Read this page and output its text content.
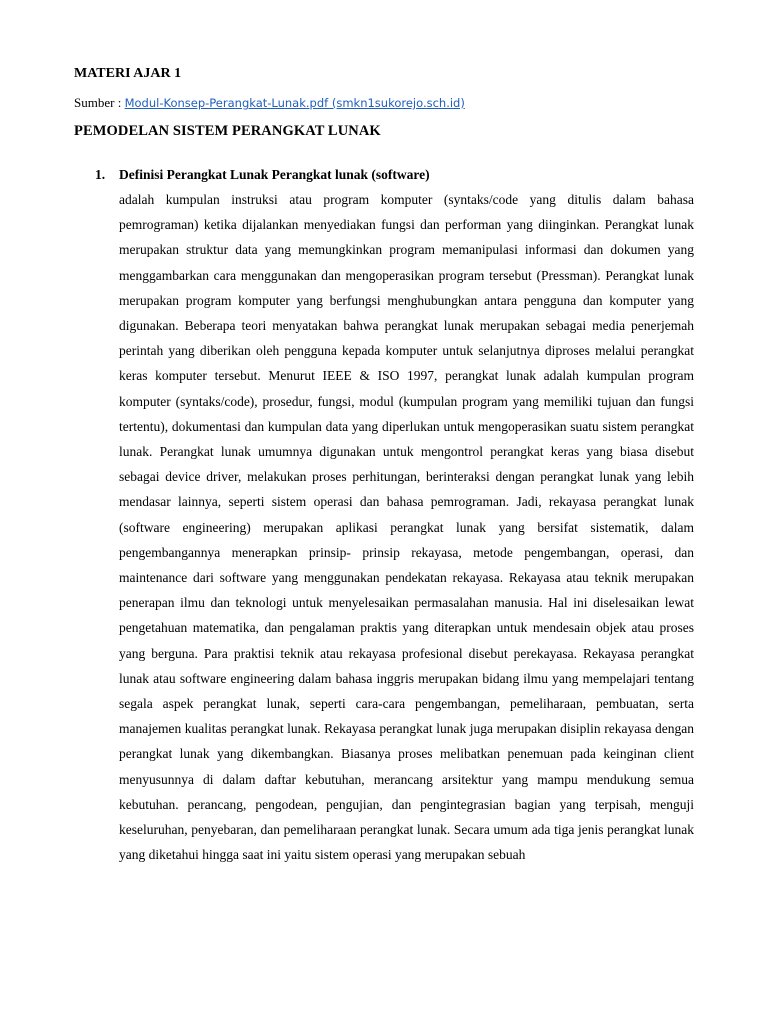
MATERI AJAR 1
Sumber : Modul-Konsep-Perangkat-Lunak.pdf (smkn1sukorejo.sch.id)
PEMODELAN SISTEM PERANGKAT LUNAK
1. Definisi Perangkat Lunak Perangkat lunak (software)

adalah kumpulan instruksi atau program komputer (syntaks/code yang ditulis dalam bahasa pemrograman) ketika dijalankan menyediakan fungsi dan performan yang diinginkan. Perangkat lunak merupakan struktur data yang memungkinkan program memanipulasi informasi dan dokumen yang menggambarkan cara menggunakan dan mengoperasikan program tersebut (Pressman). Perangkat lunak merupakan program komputer yang berfungsi menghubungkan antara pengguna dan komputer yang digunakan. Beberapa teori menyatakan bahwa perangkat lunak merupakan sebagai media penerjemah perintah yang diberikan oleh pengguna kepada komputer untuk selanjutnya diproses melalui perangkat keras komputer tersebut. Menurut IEEE & ISO 1997, perangkat lunak adalah kumpulan program komputer (syntaks/code), prosedur, fungsi, modul (kumpulan program yang memiliki tujuan dan fungsi tertentu), dokumentasi dan kumpulan data yang diperlukan untuk mengoperasikan suatu sistem perangkat lunak. Perangkat lunak umumnya digunakan untuk mengontrol perangkat keras yang biasa disebut sebagai device driver, melakukan proses perhitungan, berinteraksi dengan perangkat lunak yang lebih mendasar lainnya, seperti sistem operasi dan bahasa pemrograman. Jadi, rekayasa perangkat lunak (software engineering) merupakan aplikasi perangkat lunak yang bersifat sistematik, dalam pengembangannya menerapkan prinsip- prinsip rekayasa, metode pengembangan, operasi, dan maintenance dari software yang menggunakan pendekatan rekayasa. Rekayasa atau teknik merupakan penerapan ilmu dan teknologi untuk menyelesaikan permasalahan manusia. Hal ini diselesaikan lewat pengetahuan matematika, dan pengalaman praktis yang diterapkan untuk mendesain objek atau proses yang berguna. Para praktisi teknik atau rekayasa profesional disebut perekayasa. Rekayasa perangkat lunak atau software engineering dalam bahasa inggris merupakan bidang ilmu yang mempelajari tentang segala aspek perangkat lunak, seperti cara-cara pengembangan, pemeliharaan, pembuatan, serta manajemen kualitas perangkat lunak. Rekayasa perangkat lunak juga merupakan disiplin rekayasa dengan perangkat lunak yang dikembangkan. Biasanya proses melibatkan penemuan pada keinginan client menyusunnya di dalam daftar kebutuhan, merancang arsitektur yang mampu mendukung semua kebutuhan. perancang, pengodean, pengujian, dan pengintegrasian bagian yang terpisah, menguji keseluruhan, penyebaran, dan pemeliharaan perangkat lunak. Secara umum ada tiga jenis perangkat lunak yang diketahui hingga saat ini yaitu sistem operasi yang merupakan sebuah
